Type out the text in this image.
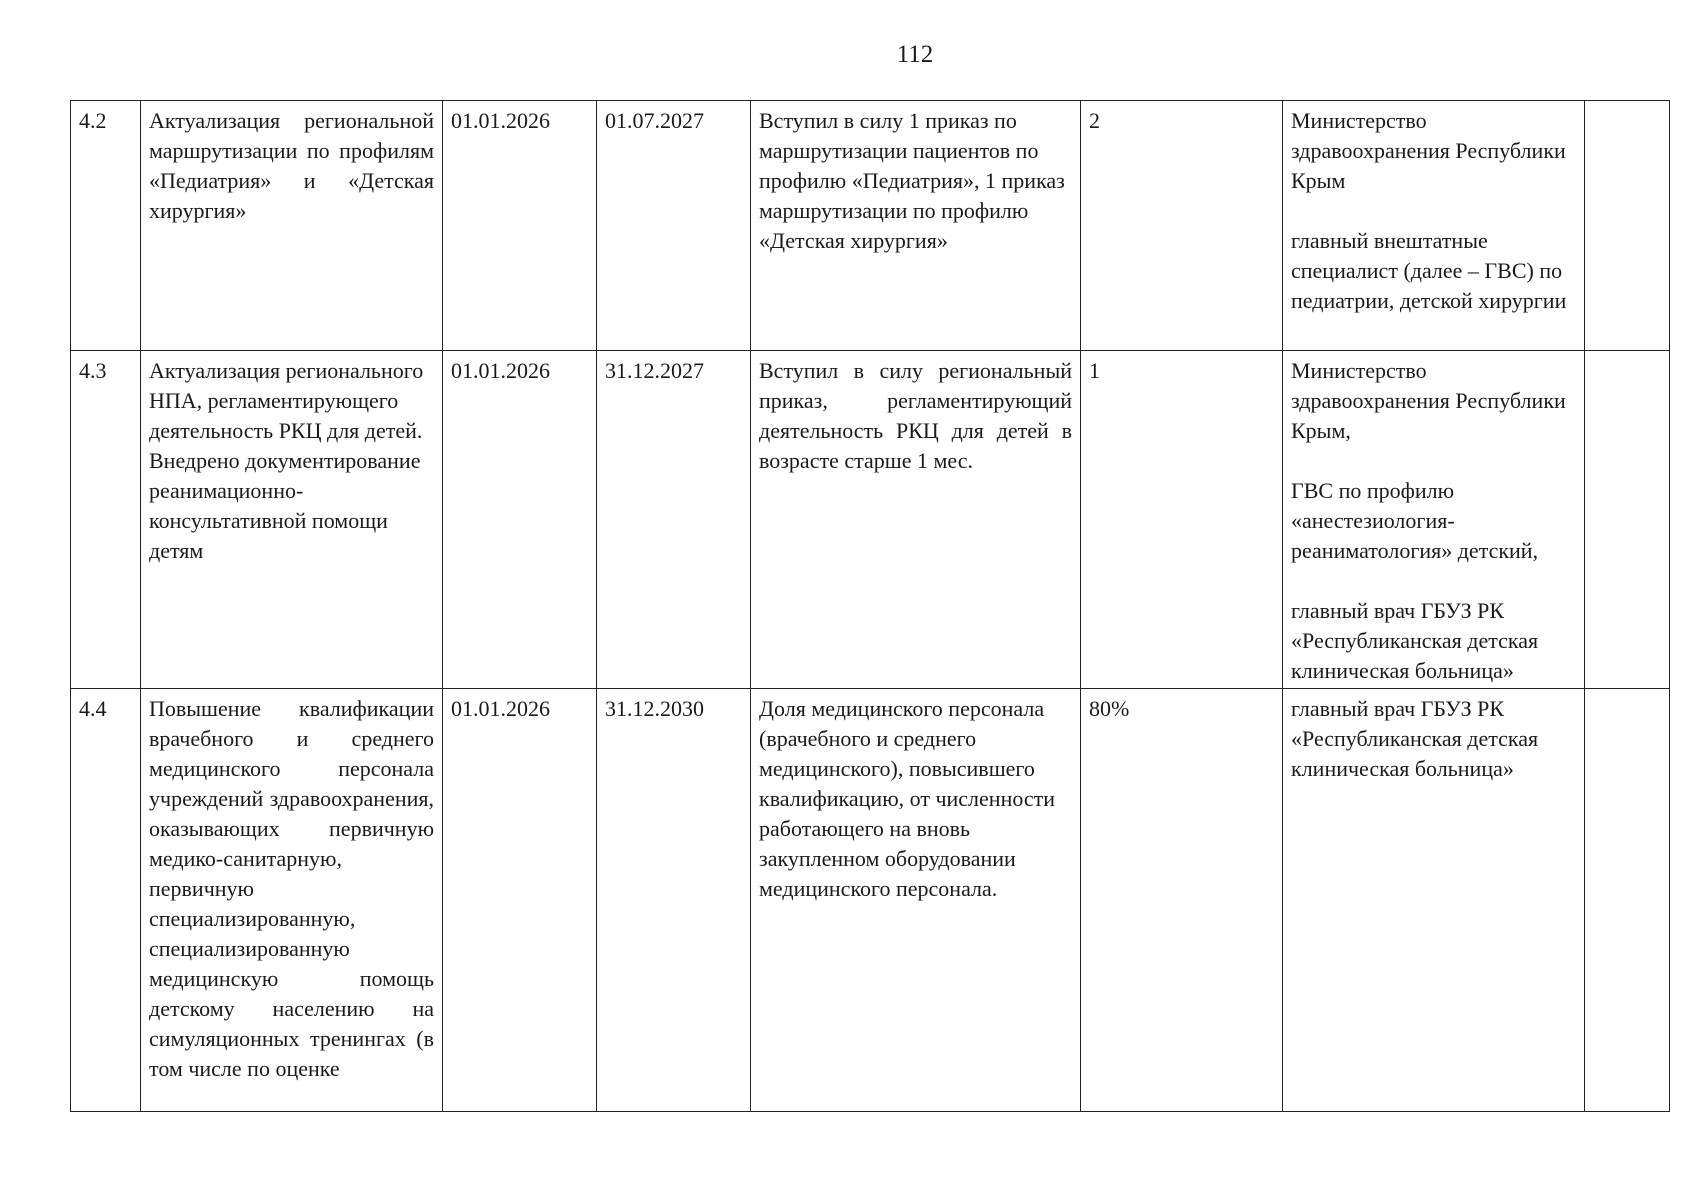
112
4.2	Актуализация региональной маршрутизации по профилям «Педиатрия» и «Детская хирургия»	01.01.2026	01.07.2027	Вступил в силу 1 приказ по маршрутизации пациентов по профилю «Педиатрия», 1 приказ маршрутизации по профилю «Детская хирургия»	2	Министерство здравоохранения Республики Крым
главный внештатные специалист (далее – ГВС) по педиатрии, детской хирургии	

4.3	Актуализация регионального НПА, регламентирующего деятельность РКЦ для детей. Внедрено документирование реанимационно-консультативной помощи детям	01.01.2026	31.12.2027	Вступил в силу региональный приказ, регламентирующий деятельность РКЦ для детей в возрасте старше 1 мес.	1	Министерство здравоохранения Республики Крым,
ГВС по профилю «анестезиология-реаниматология» детский,
главный врач ГБУЗ РК «Республиканская детская клиническая больница»	

4.4	Повышение квалификации врачебного и среднего медицинского персонала учреждений здравоохранения, оказывающих первичную медико-санитарную, первичную специализированную, специализированную медицинскую помощь детскому населению на симуляционных тренингах (в том числе по оценке	01.01.2026	31.12.2030	Доля медицинского персонала (врачебного и среднего медицинского), повысившего квалификацию, от численности работающего на вновь закупленном оборудовании медицинского персонала.	80%	главный врач ГБУЗ РК «Республиканская детская клиническая больница»	
